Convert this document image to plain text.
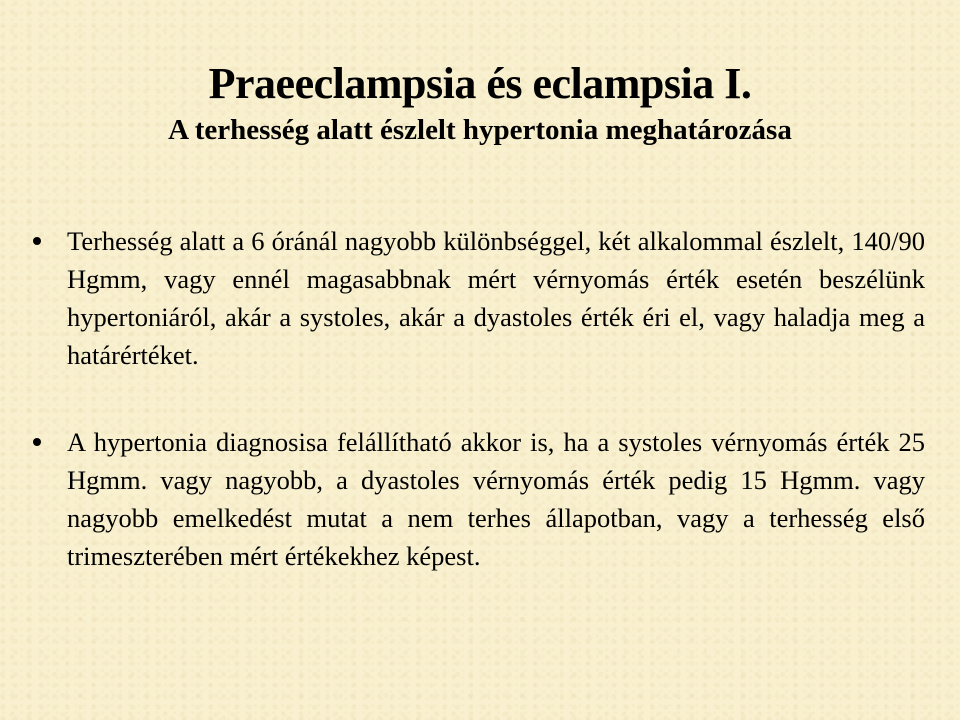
Praeeclampsia és eclampsia I.
A terhesség alatt észlelt hypertonia meghatározása
Terhesség alatt a 6 óránál nagyobb különbséggel, két alkalommal észlelt, 140/90 Hgmm, vagy ennél magasabbnak mért vérnyomás érték esetén beszélünk hypertoniáról, akár a systoles, akár a dyastoles érték éri el, vagy haladja meg a határértéket.
A hypertonia diagnosisa felállítható akkor is, ha a systoles vérnyomás érték 25 Hgmm. vagy nagyobb, a dyastoles vérnyomás érték pedig 15 Hgmm. vagy nagyobb emelkedést mutat a nem terhes állapotban, vagy a terhesség első trimeszterében mért értékekhez képest.
